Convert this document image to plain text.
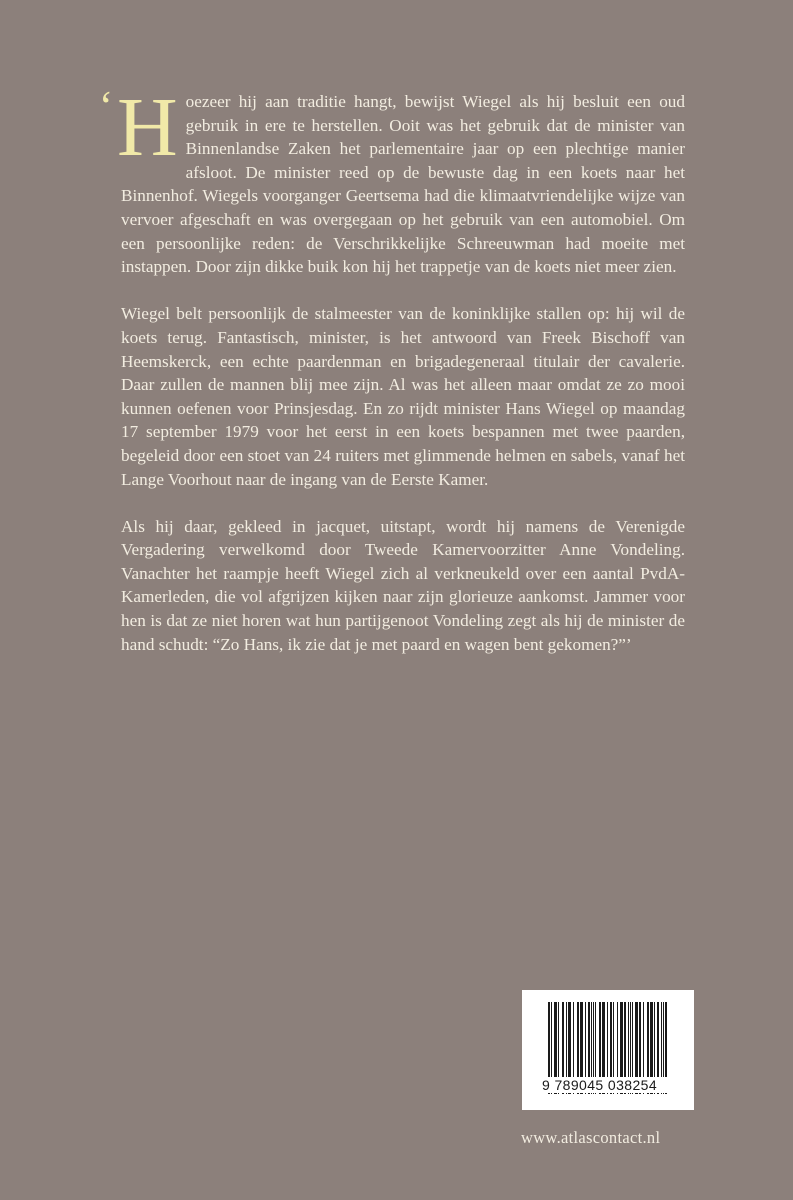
‘ H oezeer hij aan traditie hangt, bewijst Wiegel als hij besluit een oud gebruik in ere te herstellen. Ooit was het gebruik dat de minister van Binnenlandse Zaken het parlementaire jaar op een plechtige manier afsloot. De minister reed op de bewuste dag in een koets naar het Binnenhof. Wiegels voorganger Geertsema had die klimaatvriendelijke wijze van vervoer afgeschaft en was overgegaan op het gebruik van een automobiel. Om een persoonlijke reden: de Verschrikkelijke Schreeuwman had moeite met instappen. Door zijn dikke buik kon hij het trappetje van de koets niet meer zien.

Wiegel belt persoonlijk de stalmeester van de koninklijke stallen op: hij wil de koets terug. Fantastisch, minister, is het antwoord van Freek Bischoff van Heemskerck, een echte paardenman en brigadegeneraal titulair der cavalerie. Daar zullen de mannen blij mee zijn. Al was het alleen maar omdat ze zo mooi kunnen oefenen voor Prinsjesdag. En zo rijdt minister Hans Wiegel op maandag 17 september 1979 voor het eerst in een koets bespannen met twee paarden, begeleid door een stoet van 24 ruiters met glimmende helmen en sabels, vanaf het Lange Voorhout naar de ingang van de Eerste Kamer.

Als hij daar, gekleed in jacquet, uitstapt, wordt hij namens de Verenigde Vergadering verwelkomd door Tweede Kamervoorzitter Anne Vondeling. Vanachter het raampje heeft Wiegel zich al verkneukeld over een aantal PvdA-Kamerleden, die vol afgrijzen kijken naar zijn glorieuze aankomst. Jammer voor hen is dat ze niet horen wat hun partijgenoot Vondeling zegt als hij de minister de hand schudt: “Zo Hans, ik zie dat je met paard en wagen bent gekomen?”’

9 789045 038254
www.atlascontact.nl
